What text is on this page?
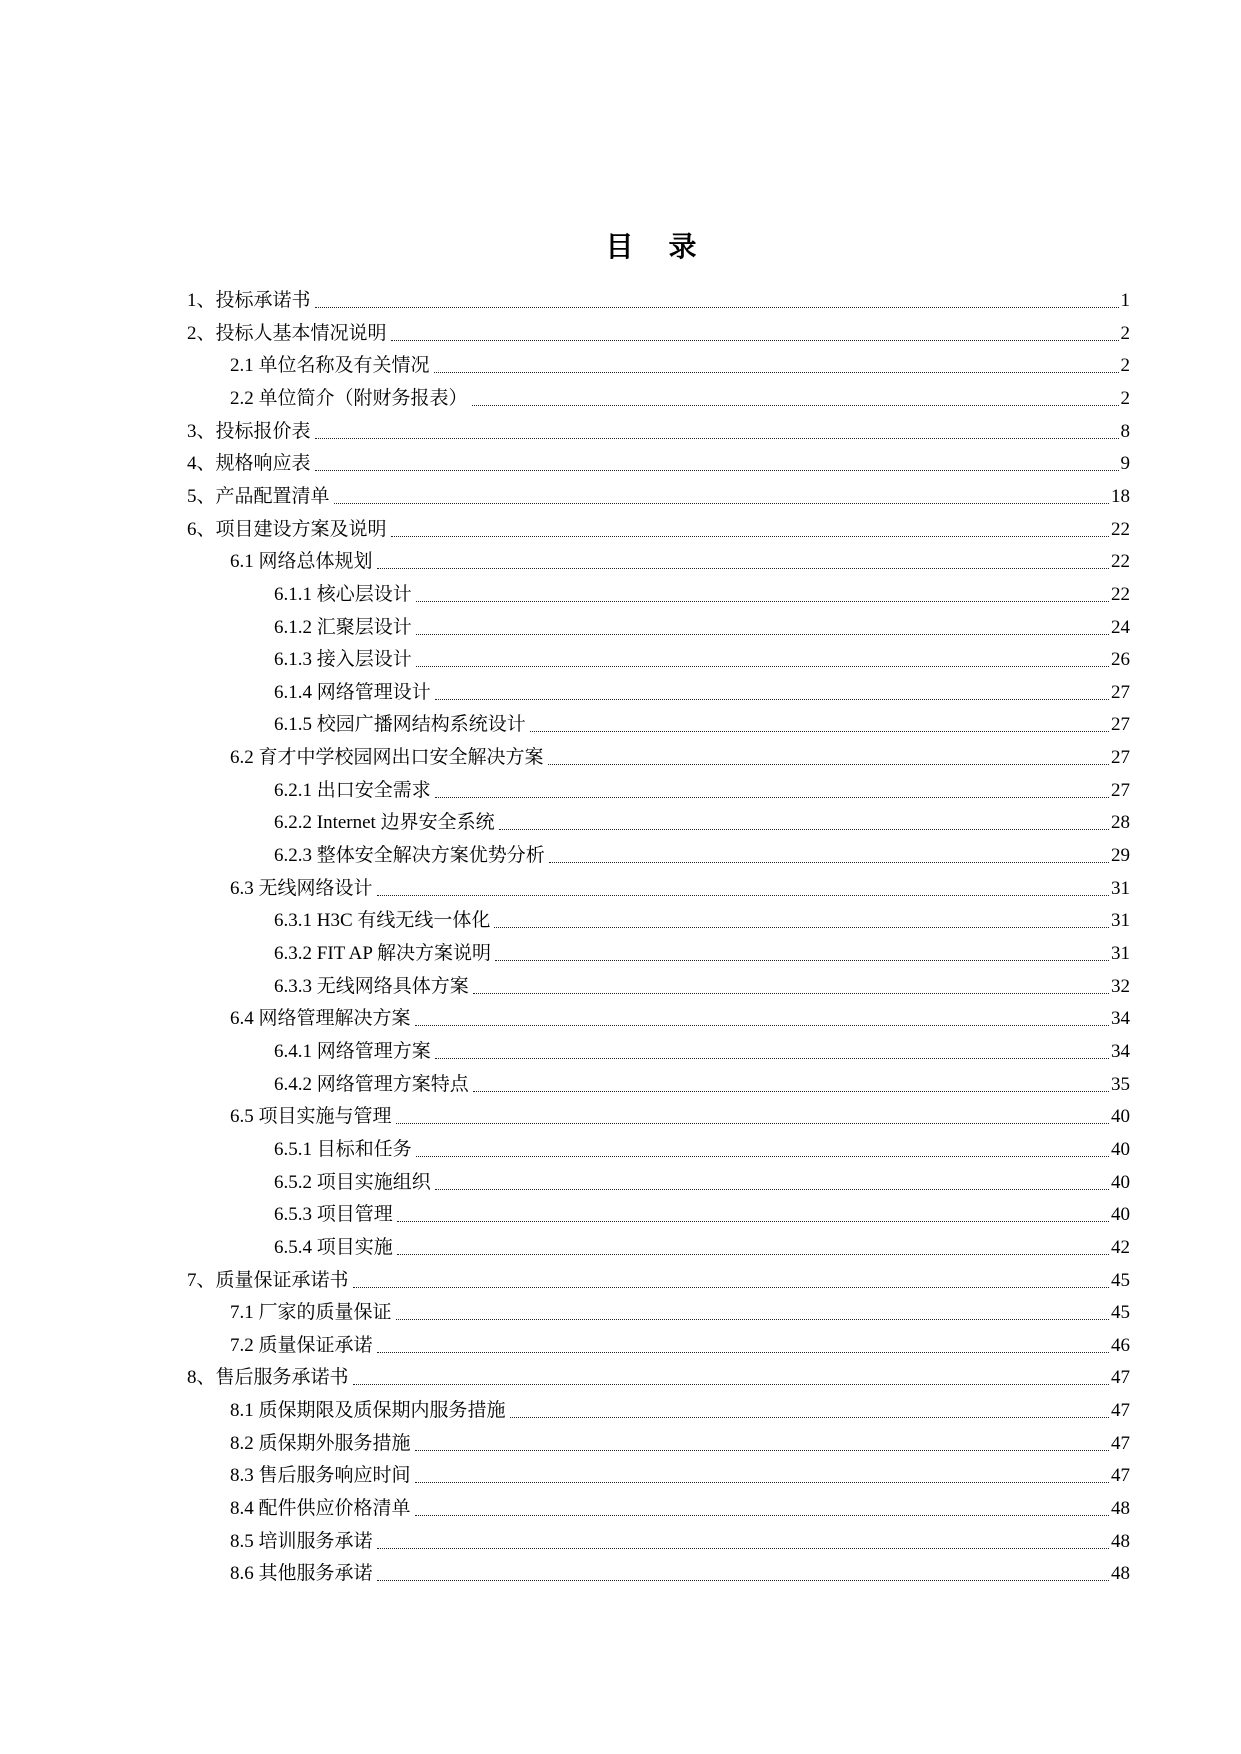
目 录
1、投标承诺书	1
2、投标人基本情况说明	2
2.1 单位名称及有关情况	2
2.2 单位简介（附财务报表）	2
3、投标报价表	8
4、规格响应表	9
5、产品配置清单	18
6、项目建设方案及说明	22
6.1 网络总体规划	22
6.1.1 核心层设计	22
6.1.2 汇聚层设计	24
6.1.3 接入层设计	26
6.1.4 网络管理设计	27
6.1.5 校园广播网结构系统设计	27
6.2 育才中学校园网出口安全解决方案	27
6.2.1 出口安全需求	27
6.2.2 Internet 边界安全系统	28
6.2.3 整体安全解决方案优势分析	29
6.3 无线网络设计	31
6.3.1 H3C 有线无线一体化	31
6.3.2 FIT AP 解决方案说明	31
6.3.3 无线网络具体方案	32
6.4 网络管理解决方案	34
6.4.1 网络管理方案	34
6.4.2 网络管理方案特点	35
6.5 项目实施与管理	40
6.5.1 目标和任务	40
6.5.2 项目实施组织	40
6.5.3 项目管理	40
6.5.4 项目实施	42
7、质量保证承诺书	45
7.1 厂家的质量保证	45
7.2 质量保证承诺	46
8、售后服务承诺书	47
8.1 质保期限及质保期内服务措施	47
8.2 质保期外服务措施	47
8.3 售后服务响应时间	47
8.4 配件供应价格清单	48
8.5 培训服务承诺	48
8.6 其他服务承诺	48
